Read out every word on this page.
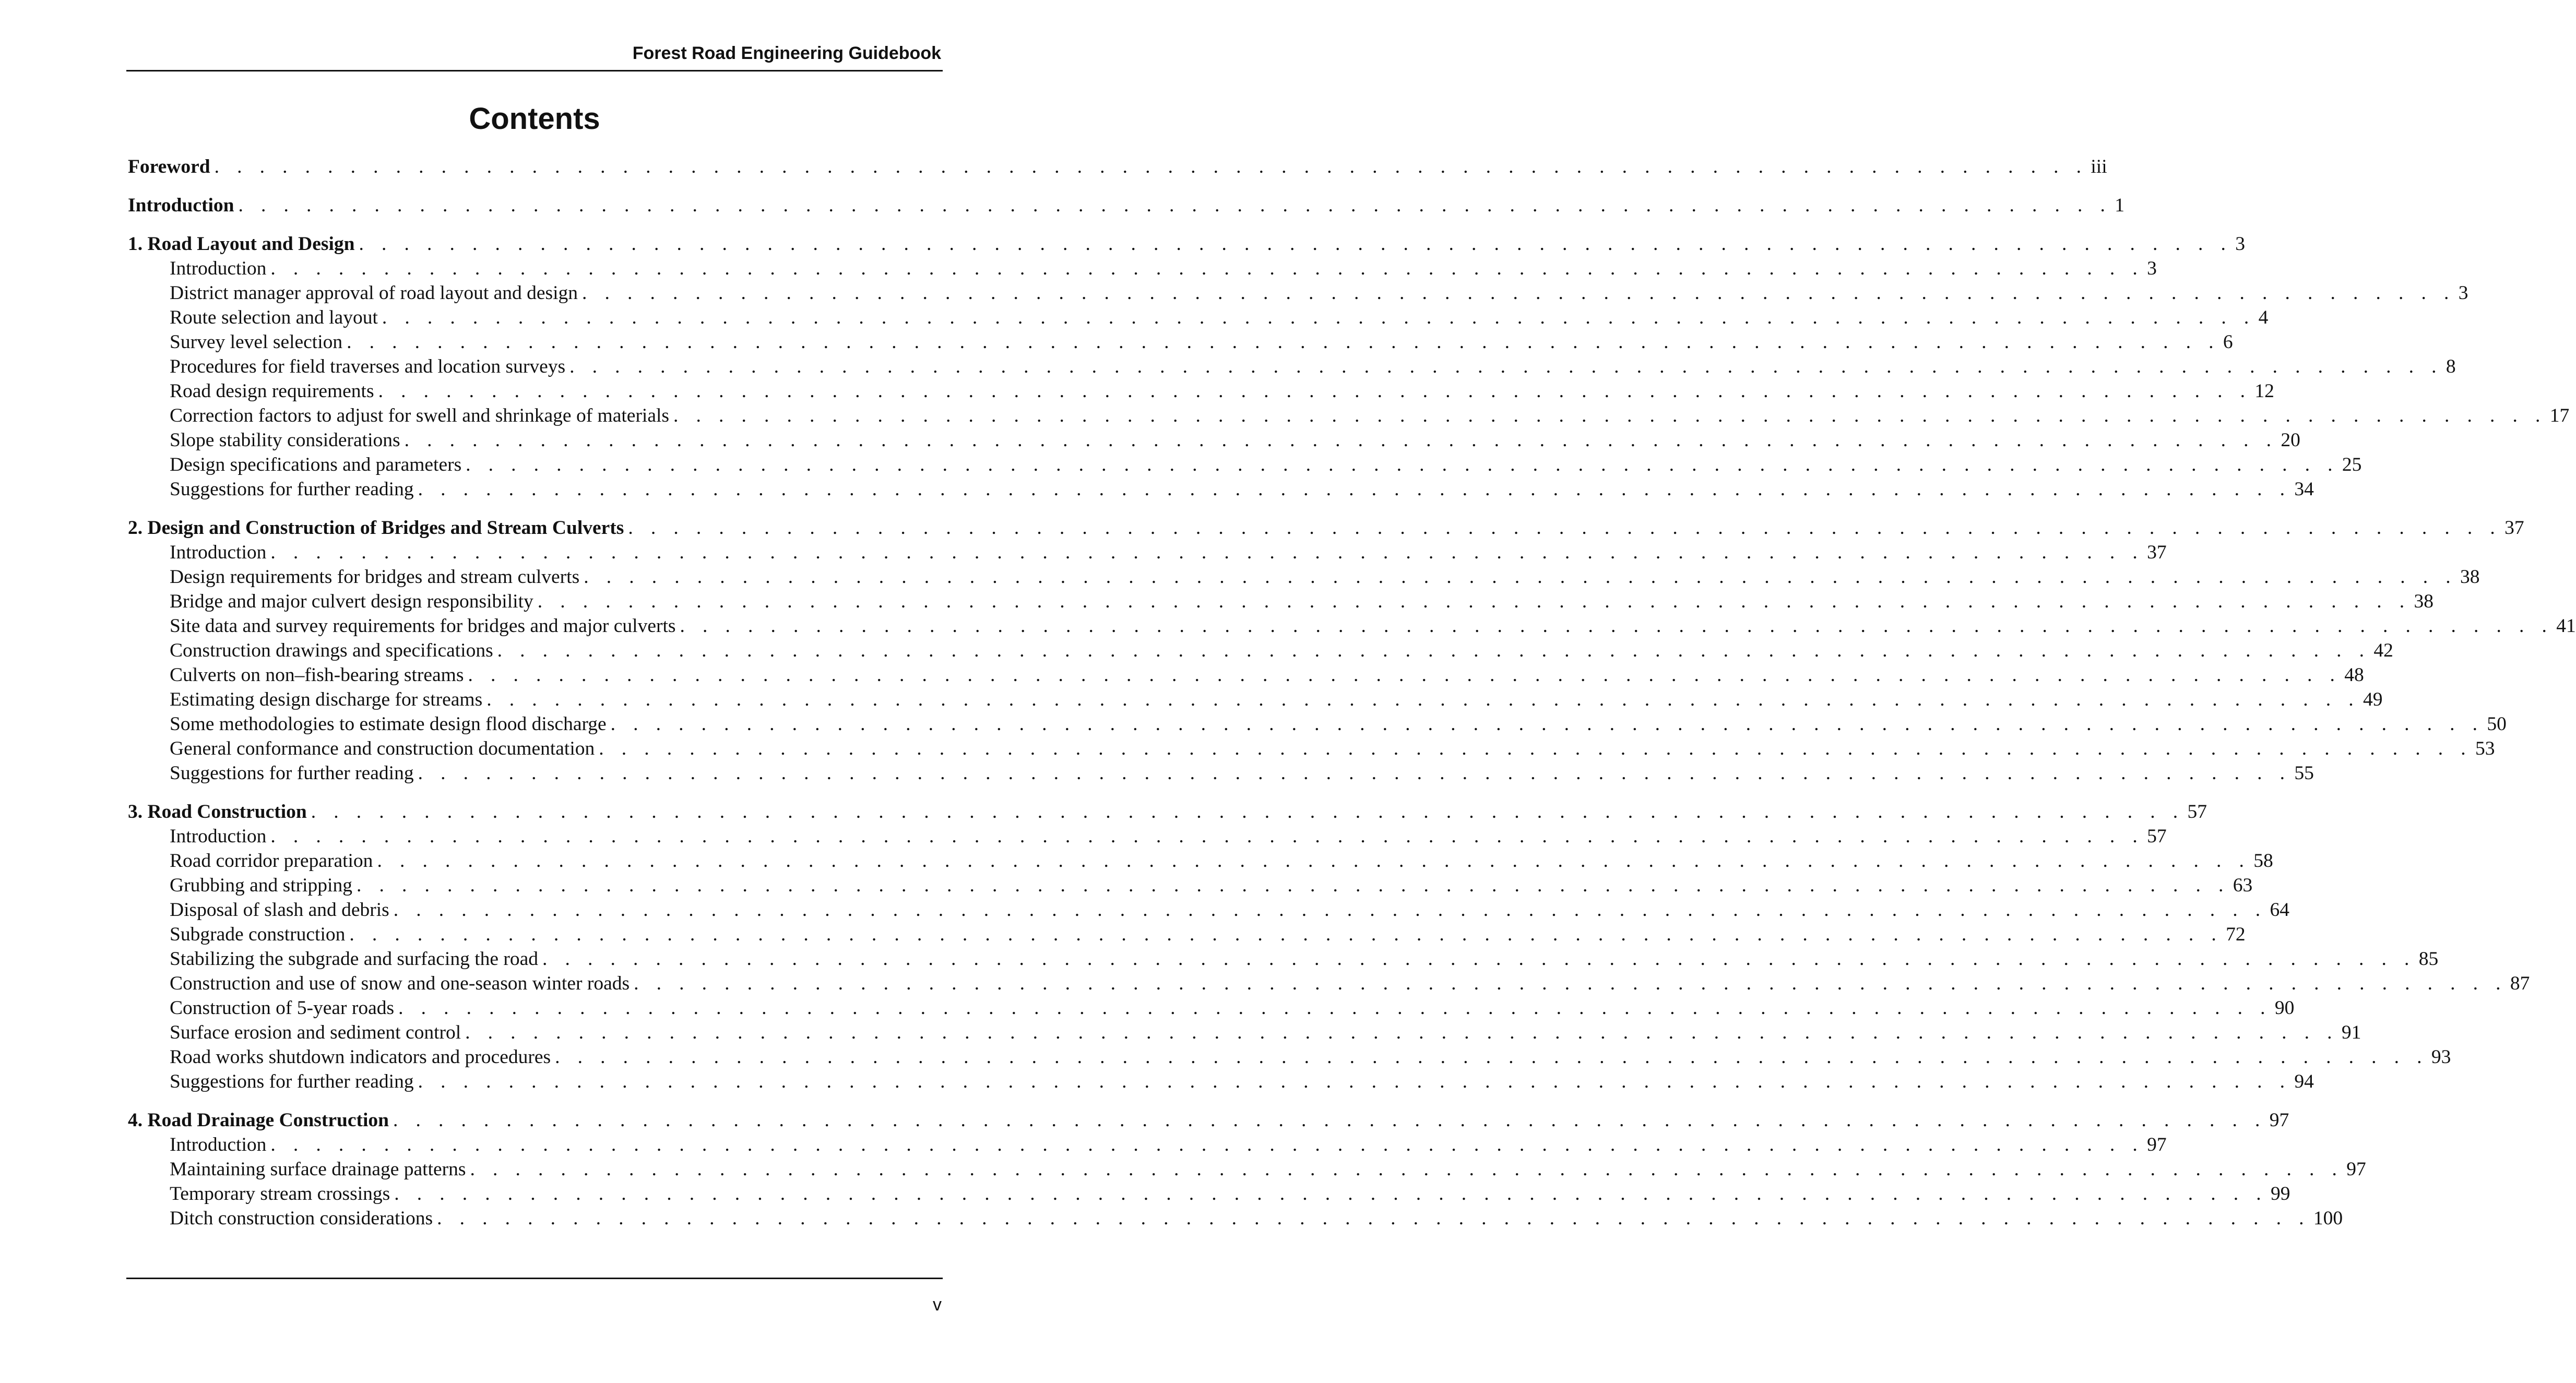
Forest Road Engineering Guidebook
Contents
Foreword . . . . . . . . . . . . . . . . . . . . . . . . . . . . . . . . . . . . . . . . . . . . . . . . . . . . . . . . . . . . . . . . . . . . . . . . . . . . . . . . . . . iii
Introduction . . . . . . . . . . . . . . . . . . . . . . . . . . . . . . . . . . . . . . . . . . . . . . . . . . . . . . . . . . . . . . . . . . . . . . . . . . . . . . . . . . . 1
1. Road Layout and Design . . . . . . . . . . . . . . . . . . . . . . . . . . . . . . . . . . . . . . . . . . . . . . . . . . . . . . . . . . . . . . . . . . . . . . . . . . . . . . . . . . . 3
Introduction . . . . . . . . . . . . . . . . . . . . . . . . . . . . . . . . . . . . . . . . . . . . . . . . . . . . . . . . . . . . . . . . . . . . . . . . . . . . . . . . . . . 3
District manager approval of road layout and design . . . . . . . . . . . . . . . . . . . . . . . . . . . . . . . . . . . . . . . . . . . . . . . . . . . . . . . . . . . . . . . . . . . . . . . . . . . . . . . . . . . 3
Route selection and layout . . . . . . . . . . . . . . . . . . . . . . . . . . . . . . . . . . . . . . . . . . . . . . . . . . . . . . . . . . . . . . . . . . . . . . . . . . . . . . . . . . . 4
Survey level selection . . . . . . . . . . . . . . . . . . . . . . . . . . . . . . . . . . . . . . . . . . . . . . . . . . . . . . . . . . . . . . . . . . . . . . . . . . . . . . . . . . . 6
Procedures for field traverses and location surveys . . . . . . . . . . . . . . . . . . . . . . . . . . . . . . . . . . . . . . . . . . . . . . . . . . . . . . . . . . . . . . . . . . . . . . . . . . . . . . . . . . . 8
Road design requirements . . . . . . . . . . . . . . . . . . . . . . . . . . . . . . . . . . . . . . . . . . . . . . . . . . . . . . . . . . . . . . . . . . . . . . . . . . . . . . . . . . . 12
Correction factors to adjust for swell and shrinkage of materials . . . . . . . . . . . . . . . . . . . . . . . . . . . . . . . . . . . . . . . . . . . . . . . . . . . . . . . . . . . . . . . . . . . . . . . . . . . . . . . . . . . 17
Slope stability considerations . . . . . . . . . . . . . . . . . . . . . . . . . . . . . . . . . . . . . . . . . . . . . . . . . . . . . . . . . . . . . . . . . . . . . . . . . . . . . . . . . . . 20
Design specifications and parameters . . . . . . . . . . . . . . . . . . . . . . . . . . . . . . . . . . . . . . . . . . . . . . . . . . . . . . . . . . . . . . . . . . . . . . . . . . . . . . . . . . . 25
Suggestions for further reading . . . . . . . . . . . . . . . . . . . . . . . . . . . . . . . . . . . . . . . . . . . . . . . . . . . . . . . . . . . . . . . . . . . . . . . . . . . . . . . . . . . 34
2. Design and Construction of Bridges and Stream Culverts . . . . . . . . . . . . . . . . . . . . . . . . . . . . . . . . . . . . . . . . . . . . . . . . . . . . . . . . . . . . . . . . . . . . . . . . . . . . . . . . . . . 37
Introduction . . . . . . . . . . . . . . . . . . . . . . . . . . . . . . . . . . . . . . . . . . . . . . . . . . . . . . . . . . . . . . . . . . . . . . . . . . . . . . . . . . . 37
Design requirements for bridges and stream culverts . . . . . . . . . . . . . . . . . . . . . . . . . . . . . . . . . . . . . . . . . . . . . . . . . . . . . . . . . . . . . . . . . . . . . . . . . . . . . . . . . . . 38
Bridge and major culvert design responsibility . . . . . . . . . . . . . . . . . . . . . . . . . . . . . . . . . . . . . . . . . . . . . . . . . . . . . . . . . . . . . . . . . . . . . . . . . . . . . . . . . . . 38
Site data and survey requirements for bridges and major culverts . . . . . . . . . . . . . . . . . . . . . . . . . . . . . . . . . . . . . . . . . . . . . . . . . . . . . . . . . . . . . . . . . . . . . . . . . . . . . . . . . . . 41
Construction drawings and specifications . . . . . . . . . . . . . . . . . . . . . . . . . . . . . . . . . . . . . . . . . . . . . . . . . . . . . . . . . . . . . . . . . . . . . . . . . . . . . . . . . . . 42
Culverts on non–fish-bearing streams . . . . . . . . . . . . . . . . . . . . . . . . . . . . . . . . . . . . . . . . . . . . . . . . . . . . . . . . . . . . . . . . . . . . . . . . . . . . . . . . . . . 48
Estimating design discharge for streams . . . . . . . . . . . . . . . . . . . . . . . . . . . . . . . . . . . . . . . . . . . . . . . . . . . . . . . . . . . . . . . . . . . . . . . . . . . . . . . . . . . 49
Some methodologies to estimate design flood discharge . . . . . . . . . . . . . . . . . . . . . . . . . . . . . . . . . . . . . . . . . . . . . . . . . . . . . . . . . . . . . . . . . . . . . . . . . . . . . . . . . . . 50
General conformance and construction documentation . . . . . . . . . . . . . . . . . . . . . . . . . . . . . . . . . . . . . . . . . . . . . . . . . . . . . . . . . . . . . . . . . . . . . . . . . . . . . . . . . . . 53
Suggestions for further reading . . . . . . . . . . . . . . . . . . . . . . . . . . . . . . . . . . . . . . . . . . . . . . . . . . . . . . . . . . . . . . . . . . . . . . . . . . . . . . . . . . . 55
3. Road Construction . . . . . . . . . . . . . . . . . . . . . . . . . . . . . . . . . . . . . . . . . . . . . . . . . . . . . . . . . . . . . . . . . . . . . . . . . . . . . . . . . . . 57
Introduction . . . . . . . . . . . . . . . . . . . . . . . . . . . . . . . . . . . . . . . . . . . . . . . . . . . . . . . . . . . . . . . . . . . . . . . . . . . . . . . . . . . 57
Road corridor preparation . . . . . . . . . . . . . . . . . . . . . . . . . . . . . . . . . . . . . . . . . . . . . . . . . . . . . . . . . . . . . . . . . . . . . . . . . . . . . . . . . . . 58
Grubbing and stripping . . . . . . . . . . . . . . . . . . . . . . . . . . . . . . . . . . . . . . . . . . . . . . . . . . . . . . . . . . . . . . . . . . . . . . . . . . . . . . . . . . . 63
Disposal of slash and debris . . . . . . . . . . . . . . . . . . . . . . . . . . . . . . . . . . . . . . . . . . . . . . . . . . . . . . . . . . . . . . . . . . . . . . . . . . . . . . . . . . . 64
Subgrade construction . . . . . . . . . . . . . . . . . . . . . . . . . . . . . . . . . . . . . . . . . . . . . . . . . . . . . . . . . . . . . . . . . . . . . . . . . . . . . . . . . . . 72
Stabilizing the subgrade and surfacing the road . . . . . . . . . . . . . . . . . . . . . . . . . . . . . . . . . . . . . . . . . . . . . . . . . . . . . . . . . . . . . . . . . . . . . . . . . . . . . . . . . . . 85
Construction and use of snow and one-season winter roads . . . . . . . . . . . . . . . . . . . . . . . . . . . . . . . . . . . . . . . . . . . . . . . . . . . . . . . . . . . . . . . . . . . . . . . . . . . . . . . . . . . 87
Construction of 5-year roads . . . . . . . . . . . . . . . . . . . . . . . . . . . . . . . . . . . . . . . . . . . . . . . . . . . . . . . . . . . . . . . . . . . . . . . . . . . . . . . . . . . 90
Surface erosion and sediment control . . . . . . . . . . . . . . . . . . . . . . . . . . . . . . . . . . . . . . . . . . . . . . . . . . . . . . . . . . . . . . . . . . . . . . . . . . . . . . . . . . . 91
Road works shutdown indicators and procedures . . . . . . . . . . . . . . . . . . . . . . . . . . . . . . . . . . . . . . . . . . . . . . . . . . . . . . . . . . . . . . . . . . . . . . . . . . . . . . . . . . . 93
Suggestions for further reading . . . . . . . . . . . . . . . . . . . . . . . . . . . . . . . . . . . . . . . . . . . . . . . . . . . . . . . . . . . . . . . . . . . . . . . . . . . . . . . . . . . 94
4. Road Drainage Construction . . . . . . . . . . . . . . . . . . . . . . . . . . . . . . . . . . . . . . . . . . . . . . . . . . . . . . . . . . . . . . . . . . . . . . . . . . . . . . . . . . . 97
Introduction . . . . . . . . . . . . . . . . . . . . . . . . . . . . . . . . . . . . . . . . . . . . . . . . . . . . . . . . . . . . . . . . . . . . . . . . . . . . . . . . . . . 97
Maintaining surface drainage patterns . . . . . . . . . . . . . . . . . . . . . . . . . . . . . . . . . . . . . . . . . . . . . . . . . . . . . . . . . . . . . . . . . . . . . . . . . . . . . . . . . . . 97
Temporary stream crossings . . . . . . . . . . . . . . . . . . . . . . . . . . . . . . . . . . . . . . . . . . . . . . . . . . . . . . . . . . . . . . . . . . . . . . . . . . . . . . . . . . . 99
Ditch construction considerations . . . . . . . . . . . . . . . . . . . . . . . . . . . . . . . . . . . . . . . . . . . . . . . . . . . . . . . . . . . . . . . . . . . . . . . . . . . . . . . . . . . 100
v
